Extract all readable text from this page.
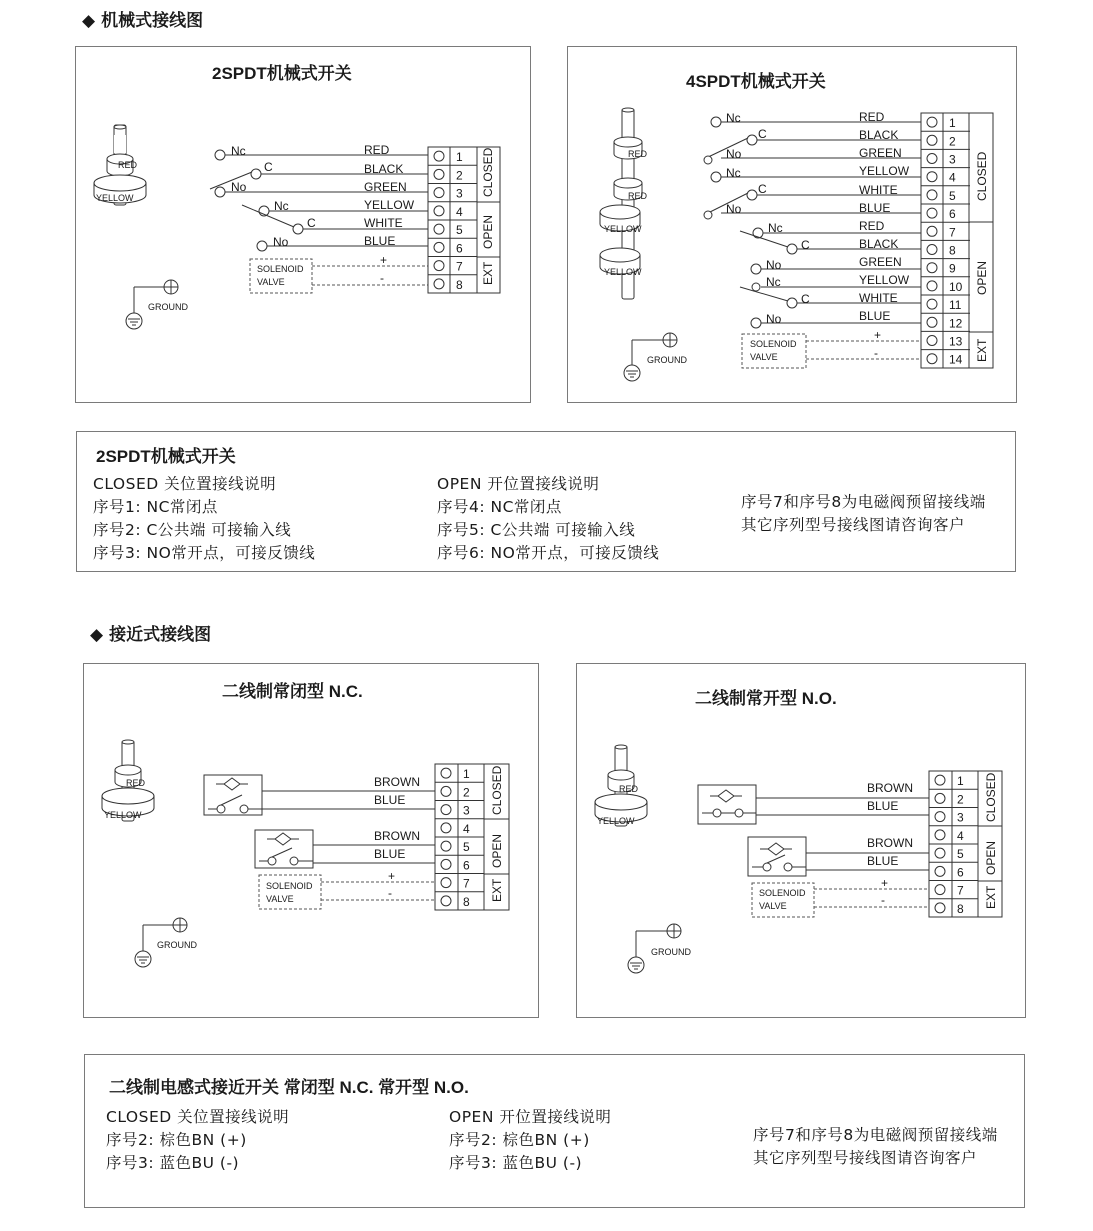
◆ 机械式接线图
2SPDT机械式开关
RED
YELLOW
Nc
C
No
Nc
C
No
RED
BLACK
GREEN
YELLOW
WHITE
BLUE
SOLENOID
VALVE
+
-
GROUND
1
2
3
4
5
6
7
8
CLOSED
OPEN
EXT
4SPDT机械式开关
RED
RED
YELLOW
YELLOW
Nc
C
No
Nc
C
No
Nc
C
No
Nc
C
No
RED
BLACK
GREEN
YELLOW
WHITE
BLUE
RED
BLACK
GREEN
YELLOW
WHITE
BLUE
SOLENOID
VALVE
+
-
GROUND
1
2
3
4
5
6
7
8
9
10
11
12
13
14
CLOSED
OPEN
EXT
2SPDT机械式开关
CLOSED 关位置接线说明
序号1: NC常闭点
序号2: C公共端 可接输入线
序号3: NO常开点，可接反馈线
OPEN 开位置接线说明
序号4: NC常闭点
序号5: C公共端 可接输入线
序号6: NO常开点，可接反馈线
序号7和序号8为电磁阀预留接线端
其它序列型号接线图请咨询客户
◆ 接近式接线图
二线制常闭型 N.C.
RED
YELLOW
BROWN
BLUE
BROWN
BLUE
SOLENOID
VALVE
+
-
GROUND
1
2
3
4
5
6
7
8
CLOSED
OPEN
EXT
二线制常开型 N.O.
RED
YELLOW
BROWN
BLUE
BROWN
BLUE
SOLENOID
VALVE
+
-
GROUND
1
2
3
4
5
6
7
8
CLOSED
OPEN
EXT
二线制电感式接近开关 常闭型 N.C. 常开型 N.O.
CLOSED 关位置接线说明
序号2: 棕色BN (+)
序号3: 蓝色BU (-)
OPEN 开位置接线说明
序号2: 棕色BN (+)
序号3: 蓝色BU (-)
序号7和序号8为电磁阀预留接线端
其它序列型号接线图请咨询客户
